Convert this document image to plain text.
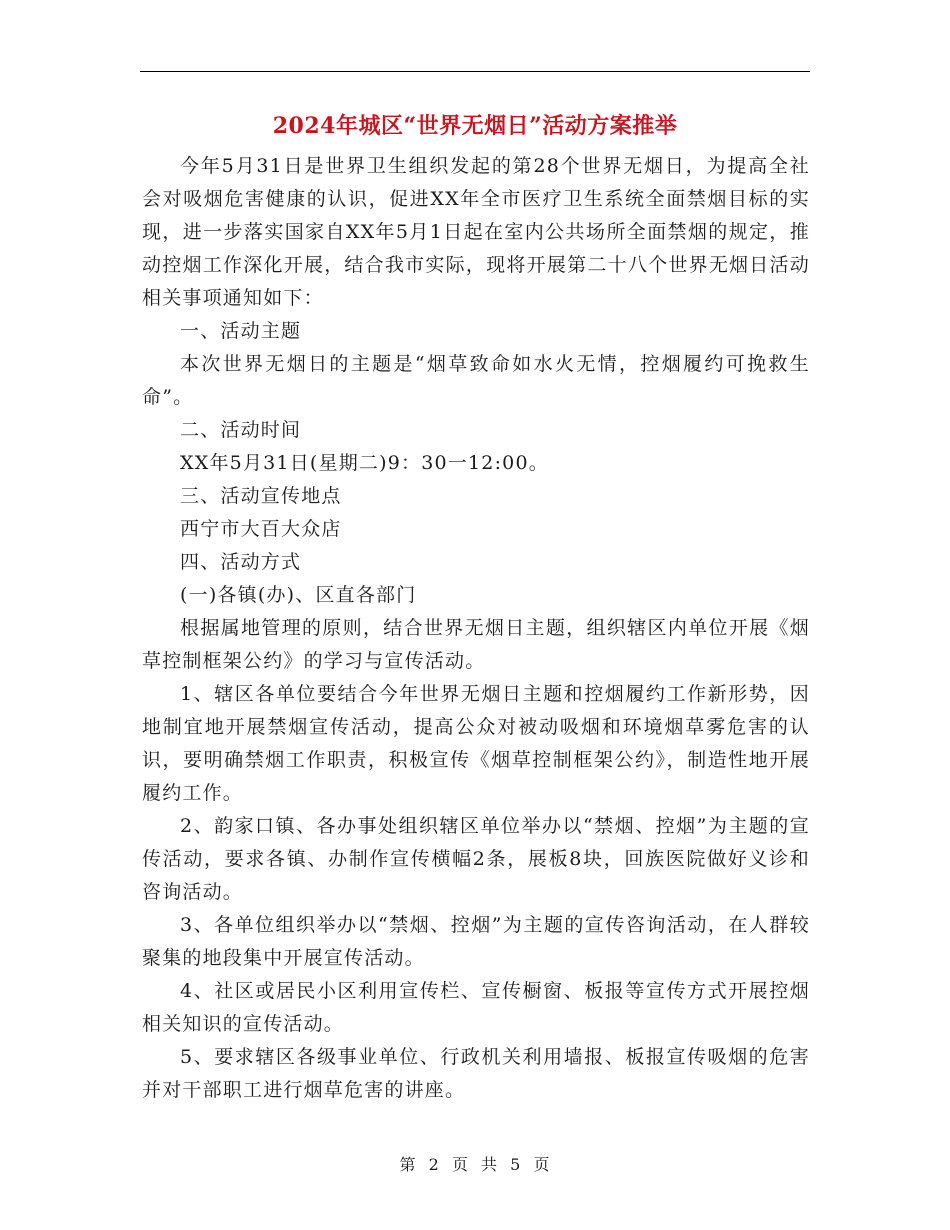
2024年城区“世界无烟日”活动方案推举

今年5月31日是世界卫生组织发起的第28个世界无烟日，为提高全社会对吸烟危害健康的认识，促进XX年全市医疗卫生系统全面禁烟目标的实现，进一步落实国家自XX年5月1日起在室内公共场所全面禁烟的规定，推动控烟工作深化开展，结合我市实际，现将开展第二十八个世界无烟日活动相关事项通知如下：

一、活动主题

本次世界无烟日的主题是“烟草致命如水火无情，控烟履约可挽救生命”。

二、活动时间

XX年5月31日(星期二)9：30一12:00。

三、活动宣传地点

西宁市大百大众店

四、活动方式

(一)各镇(办)、区直各部门

根据属地管理的原则，结合世界无烟日主题，组织辖区内单位开展《烟草控制框架公约》的学习与宣传活动。

1、辖区各单位要结合今年世界无烟日主题和控烟履约工作新形势，因地制宜地开展禁烟宣传活动，提高公众对被动吸烟和环境烟草雾危害的认识，要明确禁烟工作职责，积极宣传《烟草控制框架公约》，制造性地开展履约工作。

2、韵家口镇、各办事处组织辖区单位举办以“禁烟、控烟”为主题的宣传活动，要求各镇、办制作宣传横幅2条，展板8块，回族医院做好义诊和咨询活动。

3、各单位组织举办以“禁烟、控烟”为主题的宣传咨询活动，在人群较聚集的地段集中开展宣传活动。

4、社区或居民小区利用宣传栏、宣传橱窗、板报等宣传方式开展控烟相关知识的宣传活动。

5、要求辖区各级事业单位、行政机关利用墙报、板报宣传吸烟的危害并对干部职工进行烟草危害的讲座。

第 2 页 共 5 页
